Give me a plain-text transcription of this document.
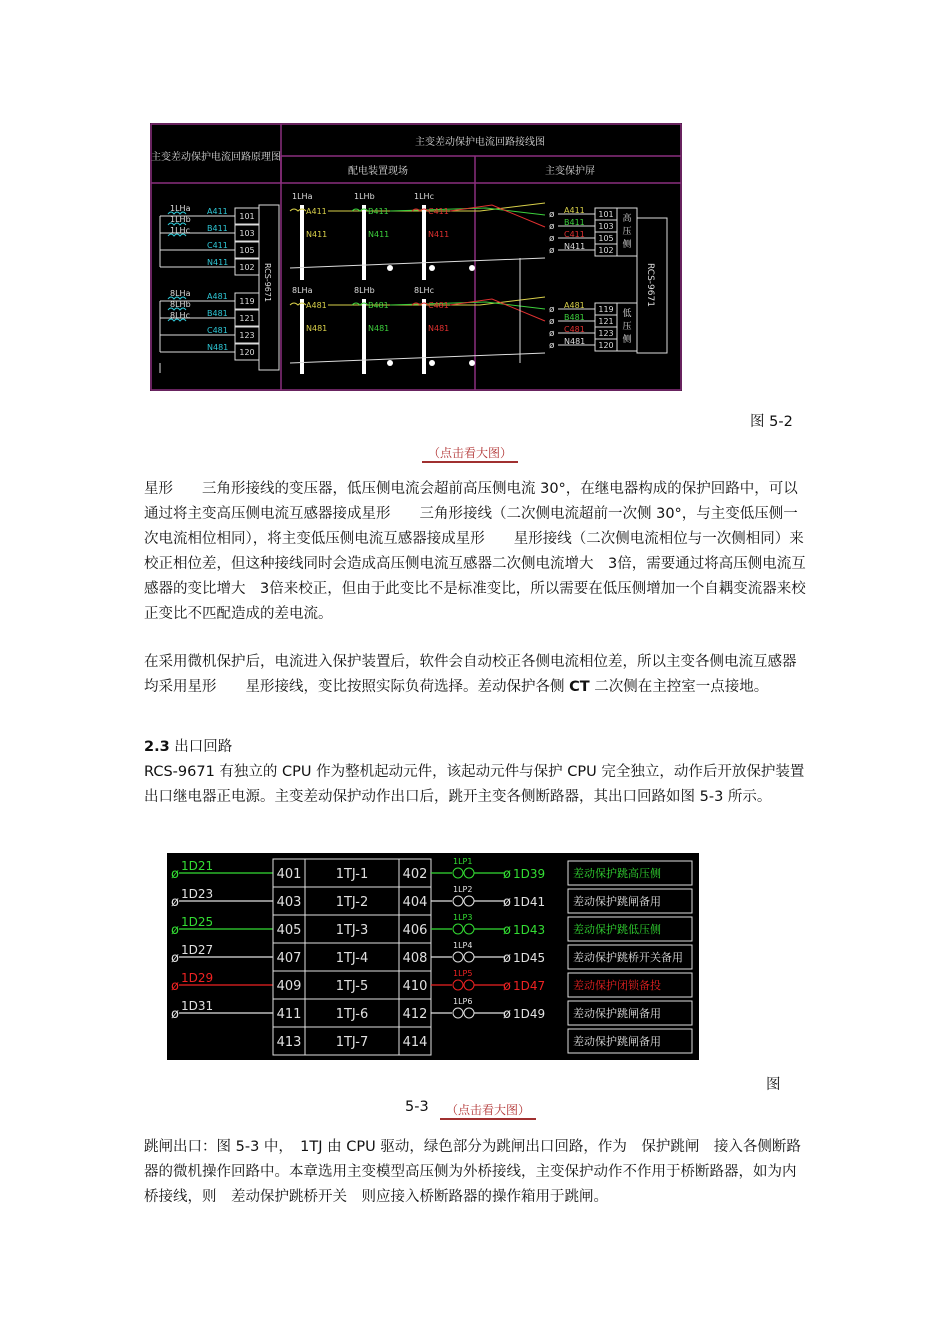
主变差动保护电流回路接线图
主变差动保护电流回路原理图
配电装置现场	主变保护屏
1LHa
1LHb
1LHc
A411
101
B411
103
C411
105
N411
102
8LHa
8LHb
8LHc
A481
119
B481
121
C481
123
N481
120
RCS-9671
1LHa
A411
N411
1LHb
B411
N411
1LHc
C411
N411
8LHa
A481
N481
8LHb
B481
N481
8LHc
C481
N481
ø A411 101
ø B411 103
ø C411 105
ø N411 102
高
压
侧
ø A481 119
ø B481 121
ø C481 123
ø N481 120
低
压
侧
RCS-9671
图 5-2
（点击看大图）

星形　　三角形接线的变压器，低压侧电流会超前高压侧电流 30°，在继电器构成的保护回路中，可以通过将主变高压侧电流互感器接成星形　　三角形接线（二次侧电流超前一次侧 30°，与主变低压侧一次电流相位相同），将主变低压侧电流互感器接成星形　　星形接线（二次侧电流相位与一次侧相同）来校正相位差，但这种接线同时会造成高压侧电流互感器二次侧电流增大　3倍，需要通过将高压侧电流互感器的变比增大　3倍来校正，但由于此变比不是标准变比，所以需要在低压侧增加一个自耦变流器来校正变比不匹配造成的差电流。

在采用微机保护后，电流进入保护装置后，软件会自动校正各侧电流相位差，所以主变各侧电流互感器均采用星形　　星形接线，变比按照实际负荷选择。差动保护各侧 CT 二次侧在主控室一点接地。

2.3 出口回路

RCS-9671 有独立的 CPU 作为整机起动元件，该起动元件与保护 CPU 完全独立，动作后开放保护装置出口继电器正电源。主变差动保护动作出口后，跳开主变各侧断路器，其出口回路如图 5-3 所示。

ø
1D21
401	1TJ-1	402
1LP1
ø 1D39	差动保护跳高压侧
ø
1D23
403	1TJ-2	404
1LP2
ø 1D41	差动保护跳闸备用
ø
1D25
405	1TJ-3	406
1LP3
ø 1D43	差动保护跳低压侧
ø
1D27
407	1TJ-4	408
1LP4
ø 1D45	差动保护跳桥开关备用
ø
1D29
409	1TJ-5	410
1LP5
ø 1D47	差动保护闭锁备投
ø
1D31
411	1TJ-6	412
1LP6
ø 1D49	差动保护跳闸备用
413	1TJ-7	414	差动保护跳闸备用
图
5-3	（点击看大图）

跳闸出口：图 5-3 中，　1TJ 由 CPU 驱动，绿色部分为跳闸出口回路，作为　保护跳闸　接入各侧断路器的微机操作回路中。本章选用主变模型高压侧为外桥接线，主变保护动作不作用于桥断路器，如为内桥接线，则　差动保护跳桥开关　则应接入桥断路器的操作箱用于跳闸。
